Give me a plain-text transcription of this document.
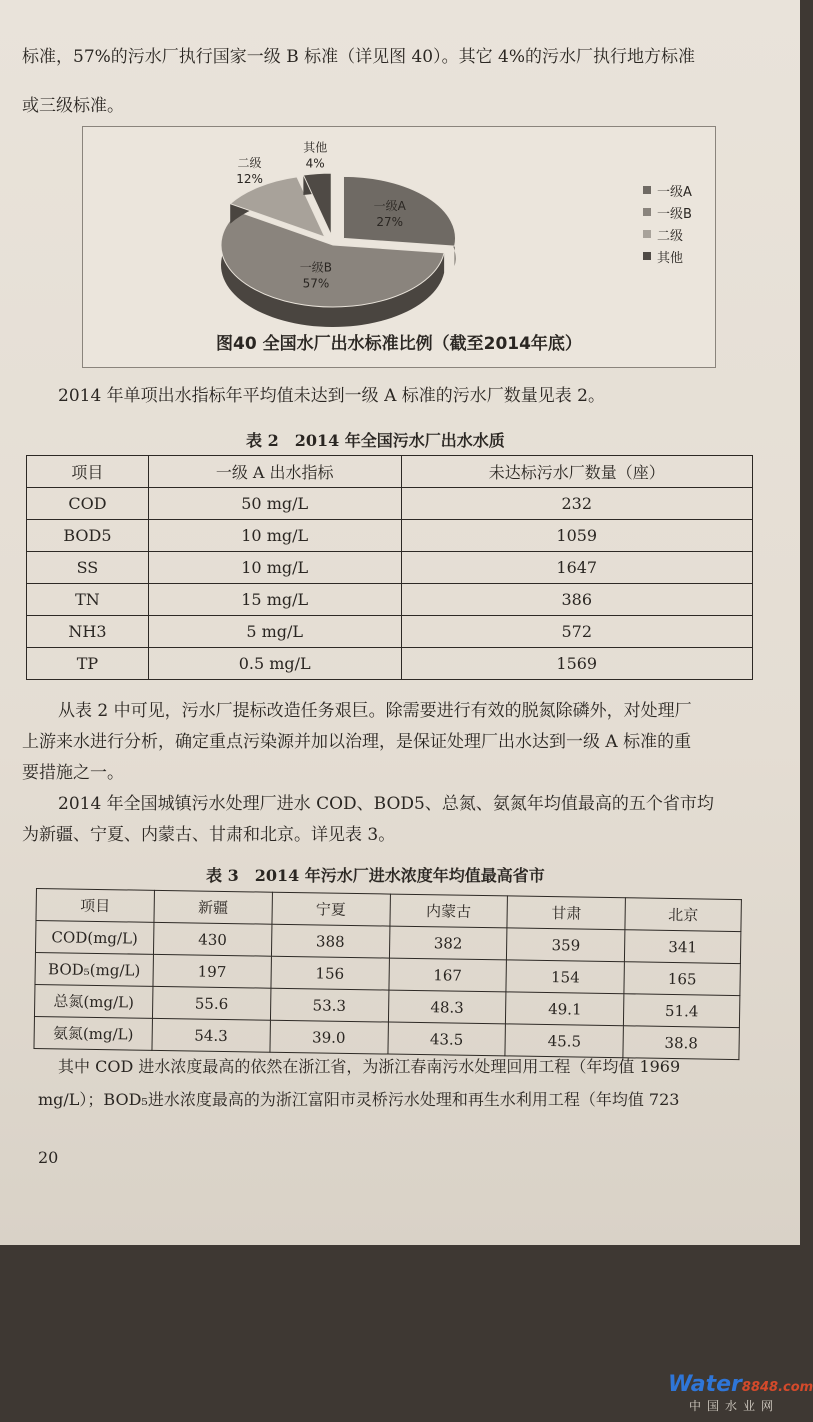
标准，57%的污水厂执行国家一级 B 标准（详见图 40）。其它 4%的污水厂执行地方标准
或三级标准。
一级A
27%
一级B
57%
二级
12%
其他
4%
一级A
一级B
二级
其他
图40 全国水厂出水标准比例（截至2014年底）
2014 年单项出水指标年平均值未达到一级 A 标准的污水厂数量见表 2。
表 2　2014 年全国污水厂出水水质
项目	一级 A 出水指标	未达标污水厂数量（座）
COD	50 mg/L	232
BOD5	10 mg/L	1059
SS	10 mg/L	1647
TN	15 mg/L	386
NH3	5 mg/L	572
TP	0.5 mg/L	1569
从表 2 中可见，污水厂提标改造任务艰巨。除需要进行有效的脱氮除磷外，对处理厂
上游来水进行分析，确定重点污染源并加以治理，是保证处理厂出水达到一级 A 标准的重
要措施之一。
2014 年全国城镇污水处理厂进水 COD、BOD5、总氮、氨氮年均值最高的五个省市均
为新疆、宁夏、内蒙古、甘肃和北京。详见表 3。
表 3　2014 年污水厂进水浓度年均值最高省市
项目	新疆	宁夏	内蒙古	甘肃	北京
COD(mg/L)	430	388	382	359	341
BOD₅(mg/L)	197	156	167	154	165
总氮(mg/L)	55.6	53.3	48.3	49.1	51.4
氨氮(mg/L)	54.3	39.0	43.5	45.5	38.8
其中 COD 进水浓度最高的依然在浙江省，为浙江春南污水处理回用工程（年均值 1969
mg/L）；BOD₅进水浓度最高的为浙江富阳市灵桥污水处理和再生水利用工程（年均值 723
20
Water8848.com
中国水业网
